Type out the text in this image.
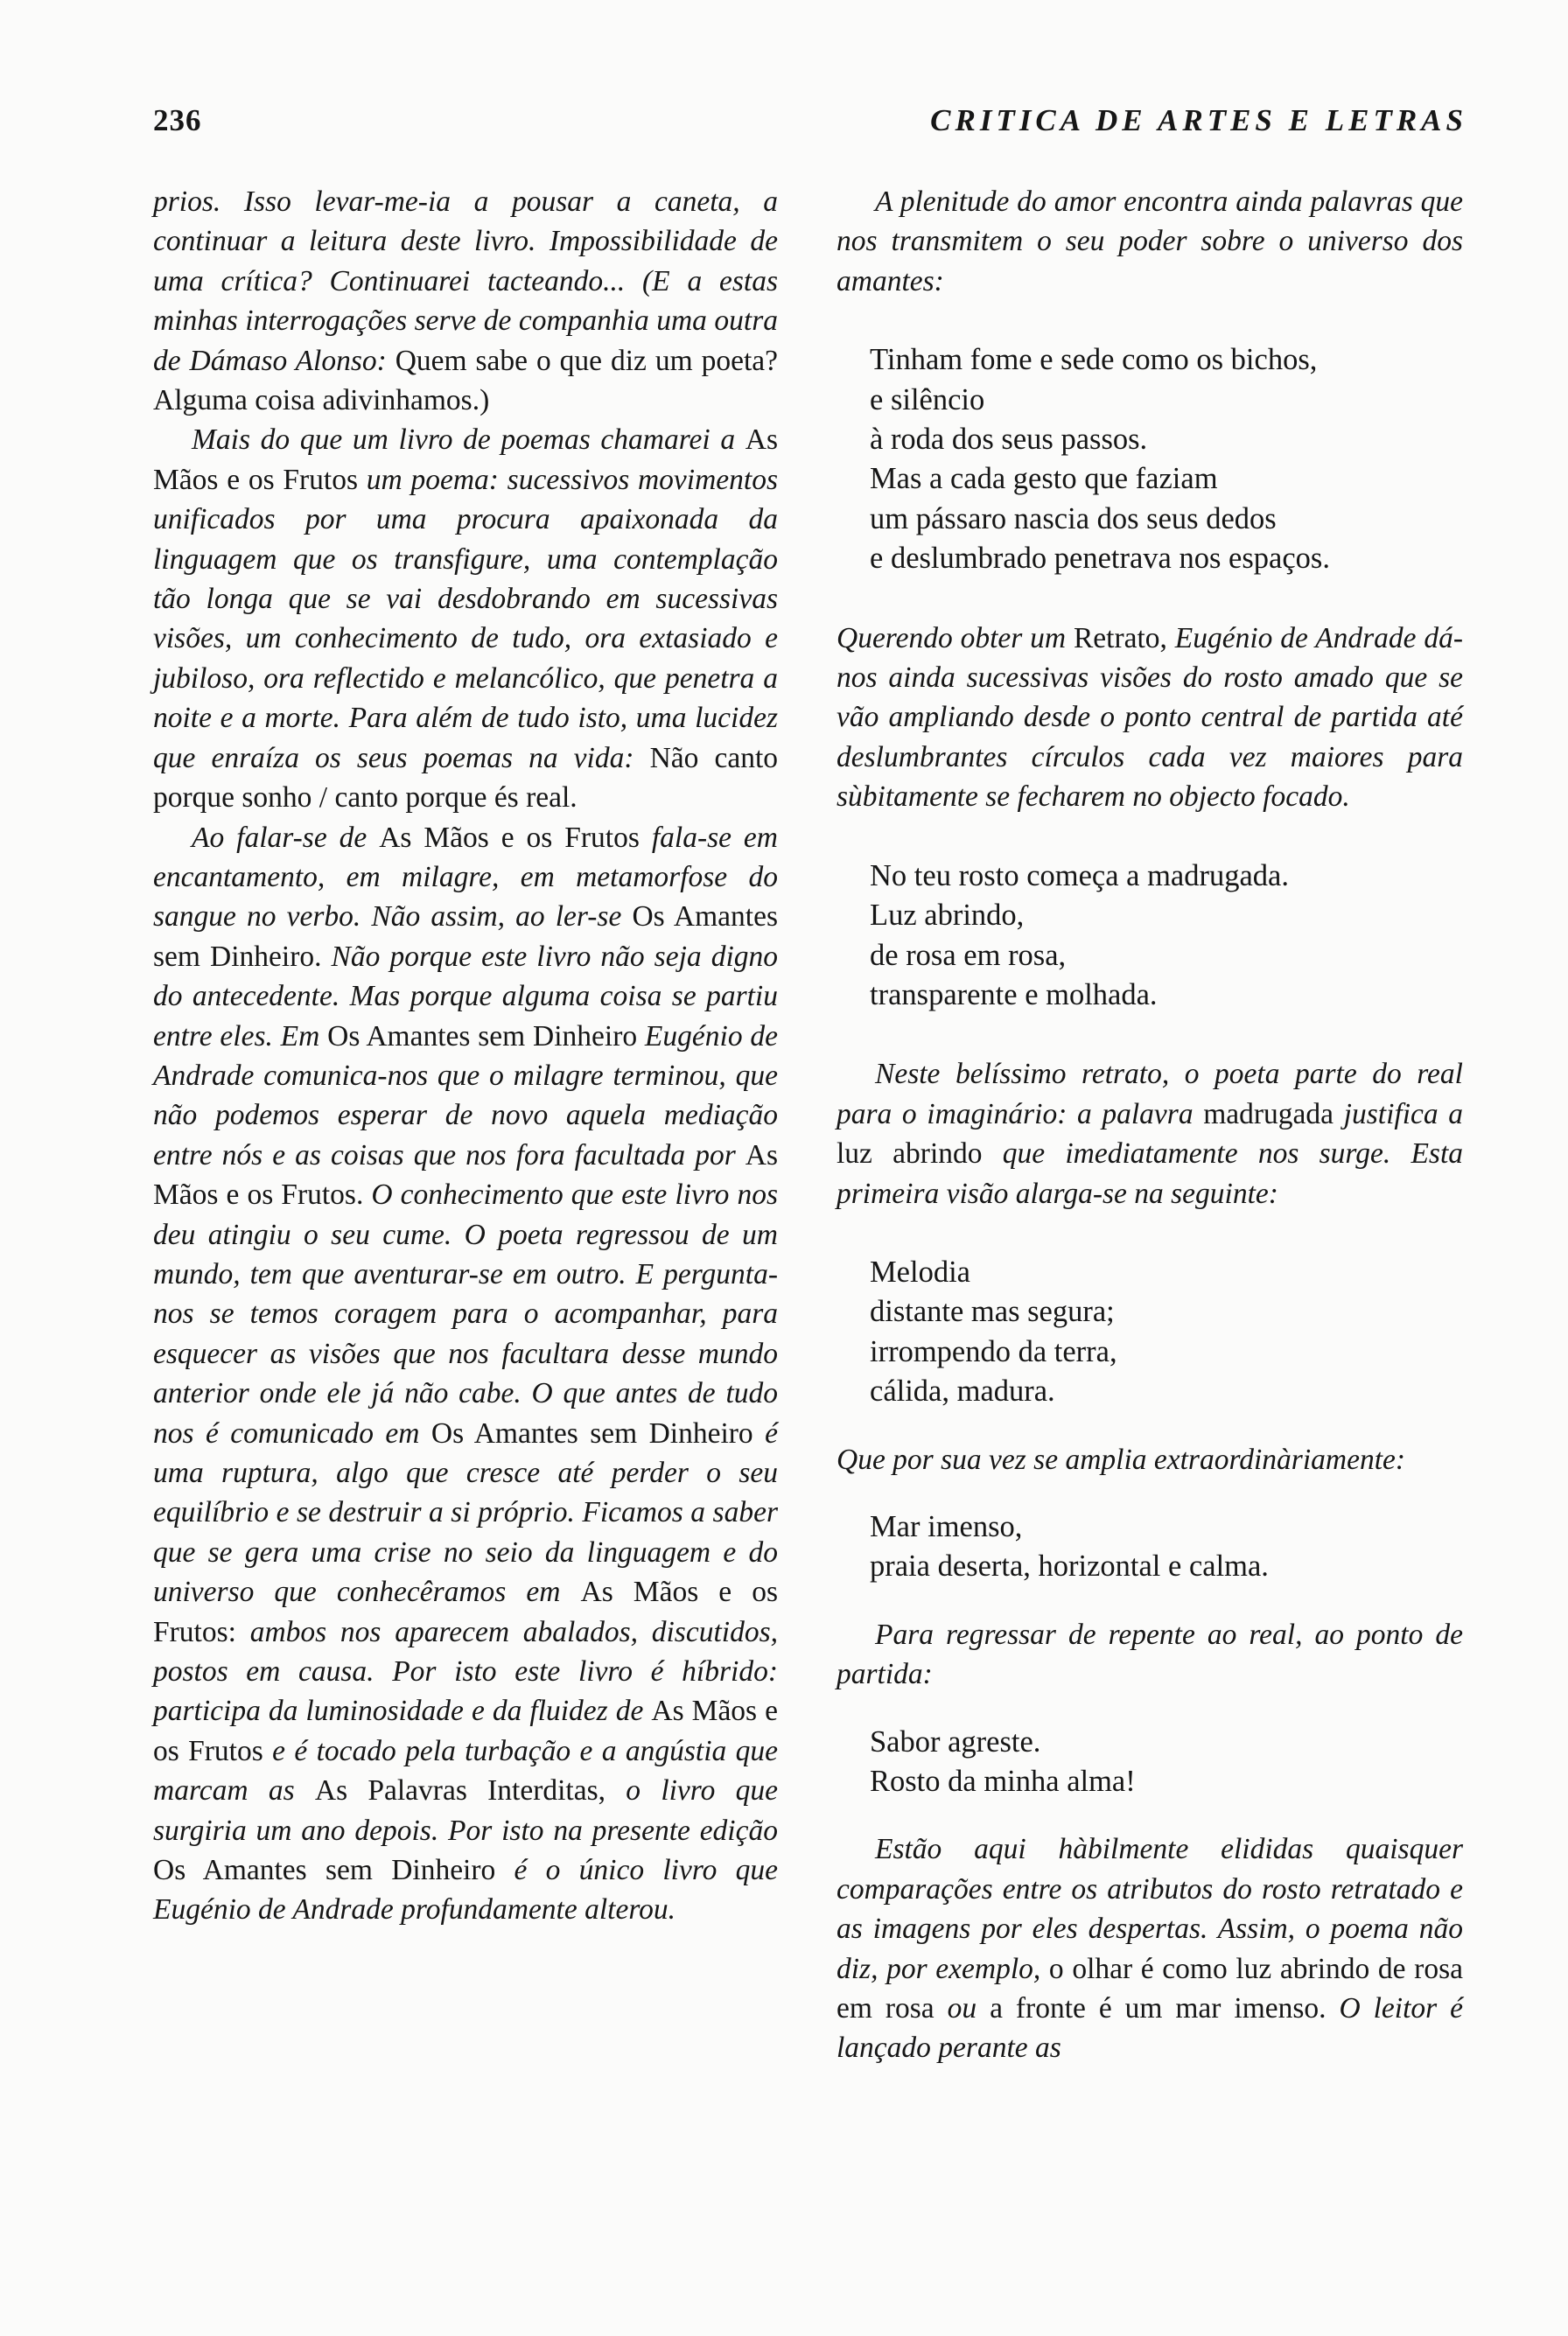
236	CRITICA DE ARTES E LETRAS

prios. Isso levar-me-ia a pousar a caneta, a continuar a leitura deste livro. Impossibilidade de uma crítica? Continuarei tacteando... (E a estas minhas interrogações serve de companhia uma outra de Dámaso Alonso: Quem sabe o que diz um poeta? Alguma coisa adivinhamos.)

Mais do que um livro de poemas chamarei a As Mãos e os Frutos um poema: sucessivos movimentos unificados por uma procura apaixonada da linguagem que os transfigure, uma contemplação tão longa que se vai desdobrando em sucessivas visões, um conhecimento de tudo, ora extasiado e jubiloso, ora reflectido e melancólico, que penetra a noite e a morte. Para além de tudo isto, uma lucidez que enraíza os seus poemas na vida: Não canto porque sonho / canto porque és real.

Ao falar-se de As Mãos e os Frutos fala-se em encantamento, em milagre, em metamorfose do sangue no verbo. Não assim, ao ler-se Os Amantes sem Dinheiro. Não porque este livro não seja digno do antecedente. Mas porque alguma coisa se partiu entre eles. Em Os Amantes sem Dinheiro Eugénio de Andrade comunica-nos que o milagre terminou, que não podemos esperar de novo aquela mediação entre nós e as coisas que nos fora facultada por As Mãos e os Frutos. O conhecimento que este livro nos deu atingiu o seu cume. O poeta regressou de um mundo, tem que aventurar-se em outro. E pergunta-nos se temos coragem para o acompanhar, para esquecer as visões que nos facultara desse mundo anterior onde ele já não cabe. O que antes de tudo nos é comunicado em Os Amantes sem Dinheiro é uma ruptura, algo que cresce até perder o seu equilíbrio e se destruir a si próprio. Ficamos a saber que se gera uma crise no seio da linguagem e do universo que conhecêramos em As Mãos e os Frutos: ambos nos aparecem abalados, discutidos, postos em causa. Por isto este livro é híbrido: participa da luminosidade e da fluidez de As Mãos e os Frutos e é tocado pela turbação e a angústia que marcam as As Palavras Interditas, o livro que surgiria um ano depois. Por isto na presente edição Os Amantes sem Dinheiro é o único livro que Eugénio de Andrade profundamente alterou.

A plenitude do amor encontra ainda palavras que nos transmitem o seu poder sobre o universo dos amantes:

Tinham fome e sede como os bichos,
e silêncio
à roda dos seus passos.
Mas a cada gesto que faziam
um pássaro nascia dos seus dedos
e deslumbrado penetrava nos espaços.

Querendo obter um Retrato, Eugénio de Andrade dá-nos ainda sucessivas visões do rosto amado que se vão ampliando desde o ponto central de partida até deslumbrantes círculos cada vez maiores para sùbitamente se fecharem no objecto focado.

No teu rosto começa a madrugada.
Luz abrindo,
de rosa em rosa,
transparente e molhada.

Neste belíssimo retrato, o poeta parte do real para o imaginário: a palavra madrugada justifica a luz abrindo que imediatamente nos surge. Esta primeira visão alarga-se na seguinte:

Melodia
distante mas segura;
irrompendo da terra,
cálida, madura.

Que por sua vez se amplia extraordinàriamente:

Mar imenso,
praia deserta, horizontal e calma.

Para regressar de repente ao real, ao ponto de partida:

Sabor agreste.
Rosto da minha alma!

Estão aqui hàbilmente elididas quaisquer comparações entre os atributos do rosto retratado e as imagens por eles despertas. Assim, o poema não diz, por exemplo, o olhar é como luz abrindo de rosa em rosa ou a fronte é um mar imenso. O leitor é lançado perante as
